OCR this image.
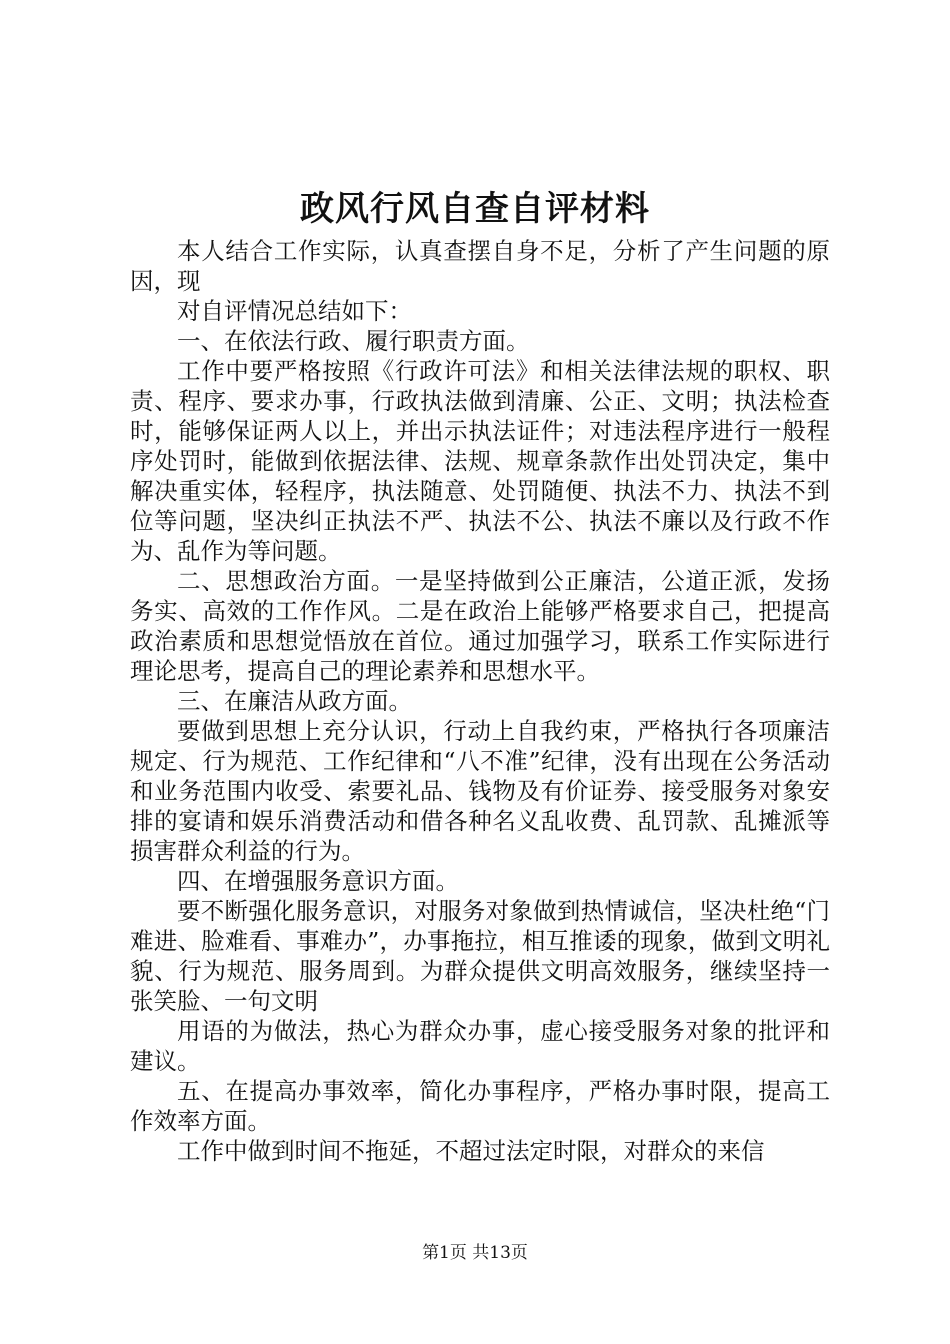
政风行风自查自评材料

本人结合工作实际，认真查摆自身不足，分析了产生问题的原因，现

对自评情况总结如下：

一、在依法行政、履行职责方面。

工作中要严格按照《行政许可法》和相关法律法规的职权、职责、程序、要求办事，行政执法做到清廉、公正、文明；执法检查时，能够保证两人以上，并出示执法证件；对违法程序进行一般程序处罚时，能做到依据法律、法规、规章条款作出处罚决定，集中解决重实体，轻程序，执法随意、处罚随便、执法不力、执法不到位等问题，坚决纠正执法不严、执法不公、执法不廉以及行政不作为、乱作为等问题。

二、思想政治方面。一是坚持做到公正廉洁，公道正派，发扬务实、高效的工作作风。二是在政治上能够严格要求自己，把提高政治素质和思想觉悟放在首位。通过加强学习，联系工作实际进行理论思考，提高自己的理论素养和思想水平。

三、在廉洁从政方面。

要做到思想上充分认识，行动上自我约束，严格执行各项廉洁规定、行为规范、工作纪律和“八不准”纪律，没有出现在公务活动和业务范围内收受、索要礼品、钱物及有价证券、接受服务对象安排的宴请和娱乐消费活动和借各种名义乱收费、乱罚款、乱摊派等损害群众利益的行为。

四、在增强服务意识方面。

要不断强化服务意识，对服务对象做到热情诚信，坚决杜绝“门难进、脸难看、事难办”，办事拖拉，相互推诿的现象，做到文明礼貌、行为规范、服务周到。为群众提供文明高效服务，继续坚持一张笑脸、一句文明

用语的为做法，热心为群众办事，虚心接受服务对象的批评和建议。

五、在提高办事效率，简化办事程序，严格办事时限，提高工作效率方面。

工作中做到时间不拖延，不超过法定时限，对群众的来信

第1页 共13页
